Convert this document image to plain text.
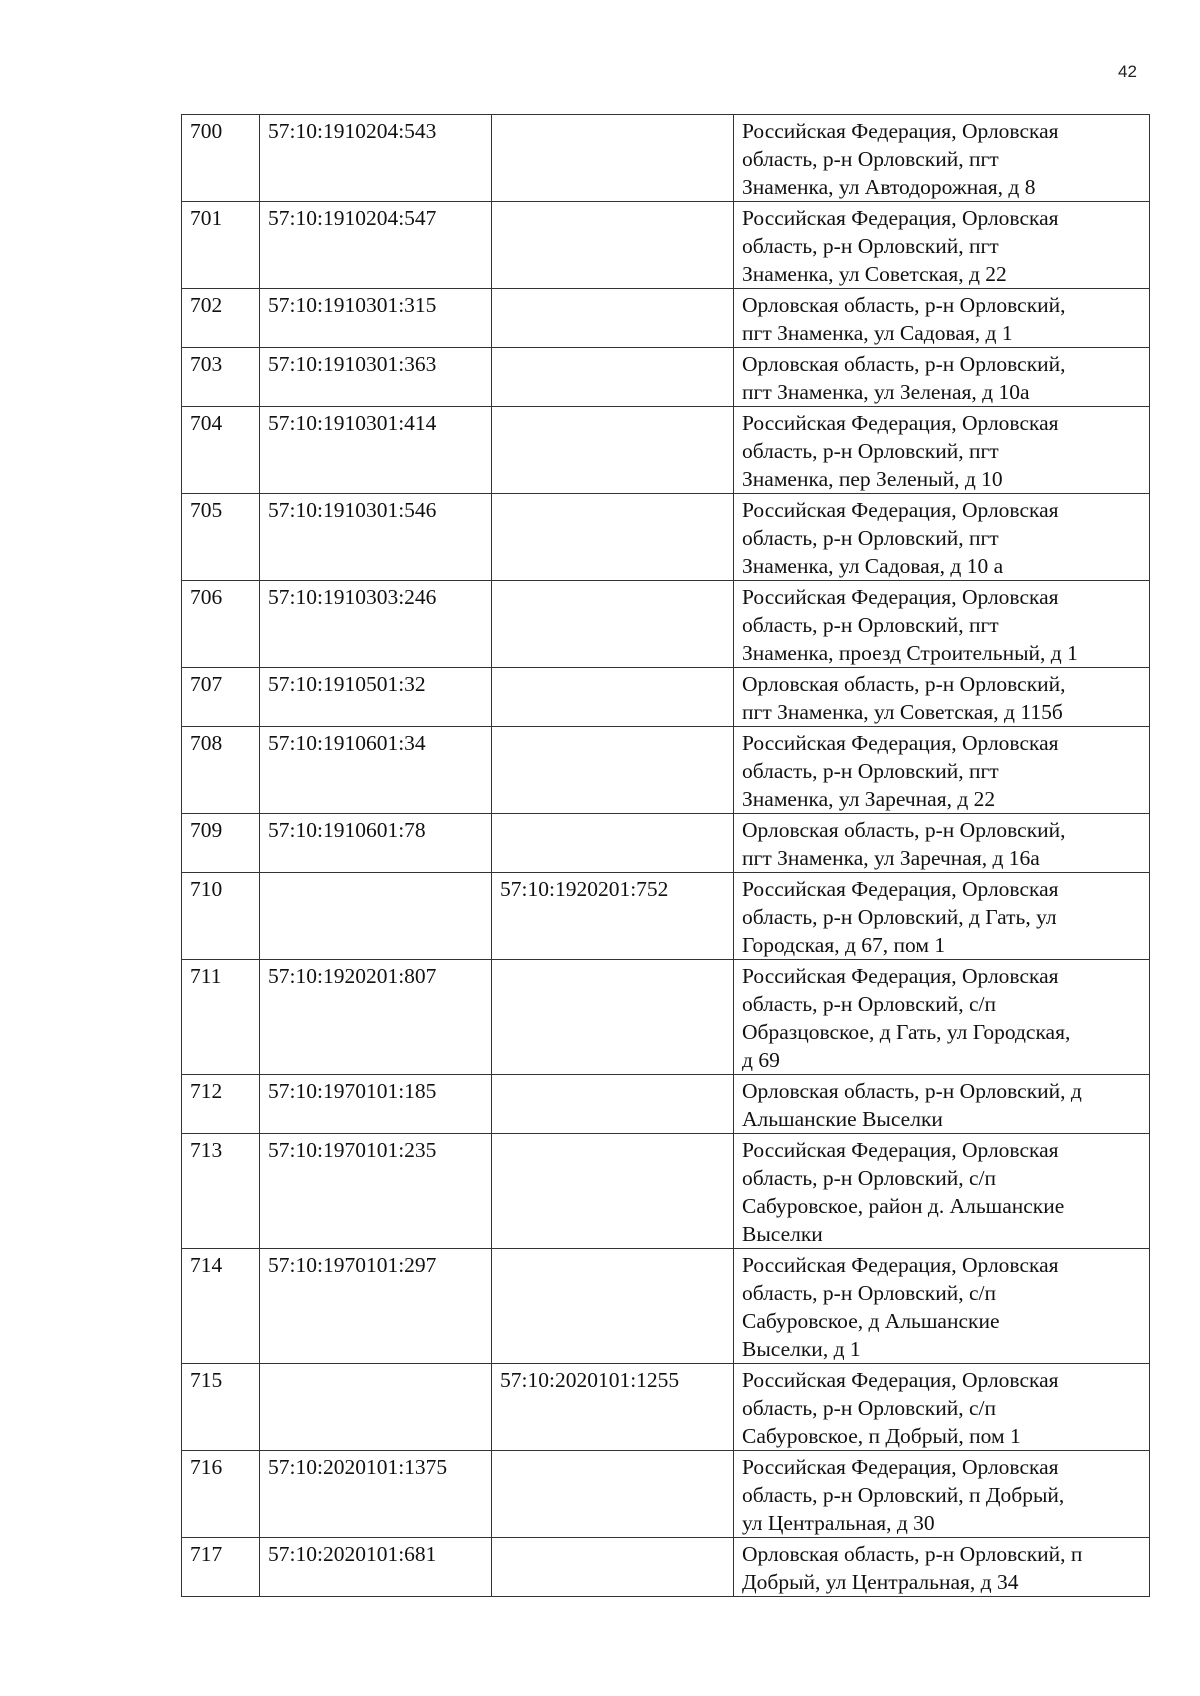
42
700	57:10:1910204:543		Российская Федерация, Орловская
область, р-н Орловский, пгт
Знаменка, ул Автодорожная, д 8
701	57:10:1910204:547		Российская Федерация, Орловская
область, р-н Орловский, пгт
Знаменка, ул Советская, д 22
702	57:10:1910301:315		Орловская область, р-н Орловский,
пгт Знаменка, ул Садовая, д 1
703	57:10:1910301:363		Орловская область, р-н Орловский,
пгт Знаменка, ул Зеленая, д 10а
704	57:10:1910301:414		Российская Федерация, Орловская
область, р-н Орловский, пгт
Знаменка, пер Зеленый, д 10
705	57:10:1910301:546		Российская Федерация, Орловская
область, р-н Орловский, пгт
Знаменка, ул Садовая, д 10 а
706	57:10:1910303:246		Российская Федерация, Орловская
область, р-н Орловский, пгт
Знаменка, проезд Строительный, д 1
707	57:10:1910501:32		Орловская область, р-н Орловский,
пгт Знаменка, ул Советская, д 115б
708	57:10:1910601:34		Российская Федерация, Орловская
область, р-н Орловский, пгт
Знаменка, ул Заречная, д 22
709	57:10:1910601:78		Орловская область, р-н Орловский,
пгт Знаменка, ул Заречная, д 16а
710		57:10:1920201:752	Российская Федерация, Орловская
область, р-н Орловский, д Гать, ул
Городская, д 67, пом 1
711	57:10:1920201:807		Российская Федерация, Орловская
область, р-н Орловский, с/п
Образцовское, д Гать, ул Городская,
д 69
712	57:10:1970101:185		Орловская область, р-н Орловский, д
Альшанские Выселки
713	57:10:1970101:235		Российская Федерация, Орловская
область, р-н Орловский, с/п
Сабуровское, район д. Альшанские
Выселки
714	57:10:1970101:297		Российская Федерация, Орловская
область, р-н Орловский, с/п
Сабуровское, д Альшанские
Выселки, д 1
715		57:10:2020101:1255	Российская Федерация, Орловская
область, р-н Орловский, с/п
Сабуровское, п Добрый, пом 1
716	57:10:2020101:1375		Российская Федерация, Орловская
область, р-н Орловский, п Добрый,
ул Центральная, д 30
717	57:10:2020101:681		Орловская область, р-н Орловский, п
Добрый, ул Центральная, д 34
